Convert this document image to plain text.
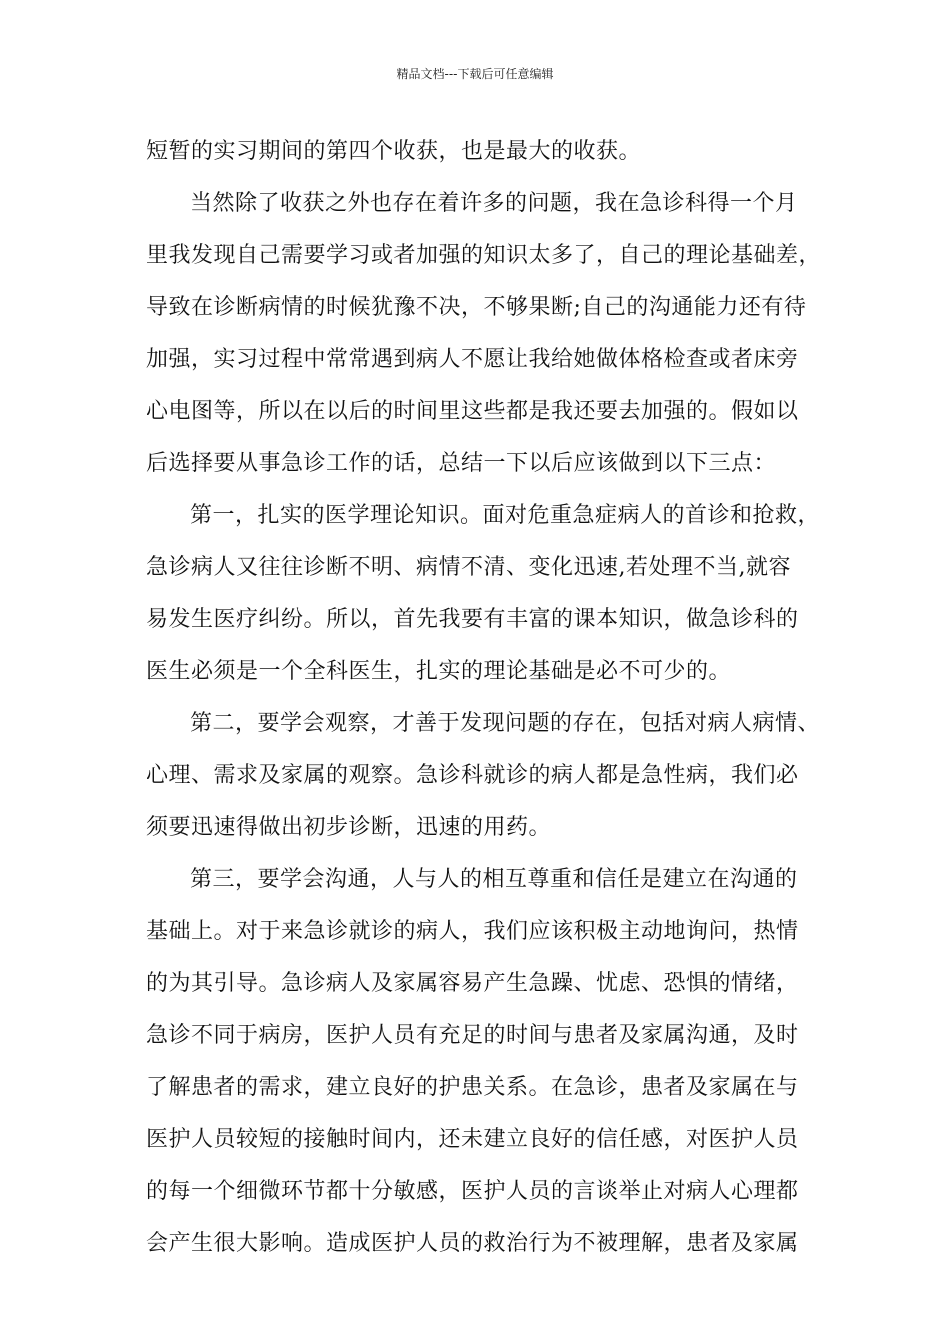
精品文档---下载后可任意编辑
短暂的实习期间的第四个收获，也是最大的收获。
当然除了收获之外也存在着许多的问题，我在急诊科得一个月
里我发现自己需要学习或者加强的知识太多了，自己的理论基础差，
导致在诊断病情的时候犹豫不决，不够果断;自己的沟通能力还有待
加强，实习过程中常常遇到病人不愿让我给她做体格检查或者床旁
心电图等，所以在以后的时间里这些都是我还要去加强的。假如以
后选择要从事急诊工作的话，总结一下以后应该做到以下三点：
第一，扎实的医学理论知识。面对危重急症病人的首诊和抢救，
急诊病人又往往诊断不明、病情不清、变化迅速,若处理不当,就容
易发生医疗纠纷。所以，首先我要有丰富的课本知识，做急诊科的
医生必须是一个全科医生，扎实的理论基础是必不可少的。
第二，要学会观察，才善于发现问题的存在，包括对病人病情、
心理、需求及家属的观察。急诊科就诊的病人都是急性病，我们必
须要迅速得做出初步诊断，迅速的用药。
第三，要学会沟通，人与人的相互尊重和信任是建立在沟通的
基础上。对于来急诊就诊的病人，我们应该积极主动地询问，热情
的为其引导。急诊病人及家属容易产生急躁、忧虑、恐惧的情绪，
急诊不同于病房，医护人员有充足的时间与患者及家属沟通，及时
了解患者的需求，建立良好的护患关系。在急诊，患者及家属在与
医护人员较短的接触时间内，还未建立良好的信任感，对医护人员
的每一个细微环节都十分敏感，医护人员的言谈举止对病人心理都
会产生很大影响。造成医护人员的救治行为不被理解，患者及家属
